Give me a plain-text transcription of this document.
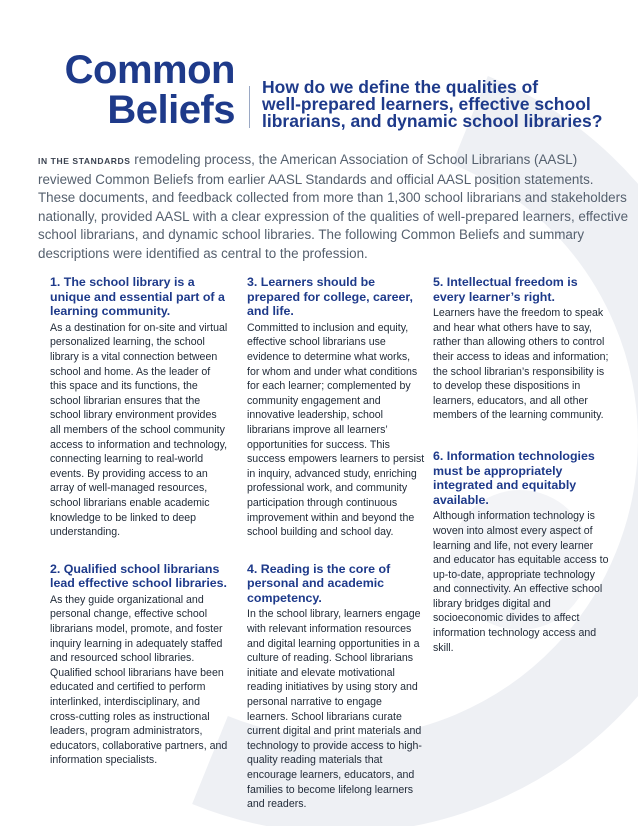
Common
Beliefs
How do we define the qualities of
well-prepared learners, effective school
librarians, and dynamic school libraries?

IN THE STANDARDS remodeling process, the American Association of School Librarians (AASL) reviewed Common Beliefs from earlier AASL Standards and official AASL position statements. These documents, and feedback collected from more than 1,300 school librarians and stakeholders nationally, provided AASL with a clear expression of the qualities of well-prepared learners, effective school librarians, and dynamic school libraries. The following Common Beliefs and summary descriptions were identified as central to the profession.

1. The school library is a unique and essential part of a learning community.

As a destination for on-site and virtual personalized learning, the school library is a vital connection between school and home. As the leader of this space and its functions, the school librarian ensures that the school library environment provides all members of the school community access to information and technology, connecting learning to real-world events. By providing access to an array of well-managed resources, school librarians enable academic knowledge to be linked to deep understanding.

2. Qualified school librarians lead effective school libraries.

As they guide organizational and personal change, effective school librarians model, promote, and foster inquiry learning in adequately staffed and resourced school libraries. Qualified school librarians have been educated and certified to perform interlinked, interdisciplinary, and cross-cutting roles as instructional leaders, program administrators, educators, collaborative partners, and information specialists.

3. Learners should be prepared for college, career, and life.

Committed to inclusion and equity, effective school librarians use evidence to determine what works, for whom and under what conditions for each learner; complemented by community engagement and innovative leadership, school librarians improve all learners’ opportunities for success. This success empowers learners to persist in inquiry, advanced study, enriching professional work, and community participation through continuous improvement within and beyond the school building and school day.

4. Reading is the core of personal and academic competency.

In the school library, learners engage with relevant information resources and digital learning opportunities in a culture of reading. School librarians initiate and elevate motivational reading initiatives by using story and personal narrative to engage learners. School librarians curate current digital and print materials and technology to provide access to high-quality reading materials that encourage learners, educators, and families to become lifelong learners and readers.

5. Intellectual freedom is every learner’s right.

Learners have the freedom to speak and hear what others have to say, rather than allowing others to control their access to ideas and information; the school librarian’s responsibility is to develop these dispositions in learners, educators, and all other members of the learning community.

6. Information technologies must be appropriately integrated and equitably available.

Although information technology is woven into almost every aspect of learning and life, not every learner and educator has equitable access to up-to-date, appropriate technology and connectivity. An effective school library bridges digital and socioeconomic divides to affect information technology access and skill.
